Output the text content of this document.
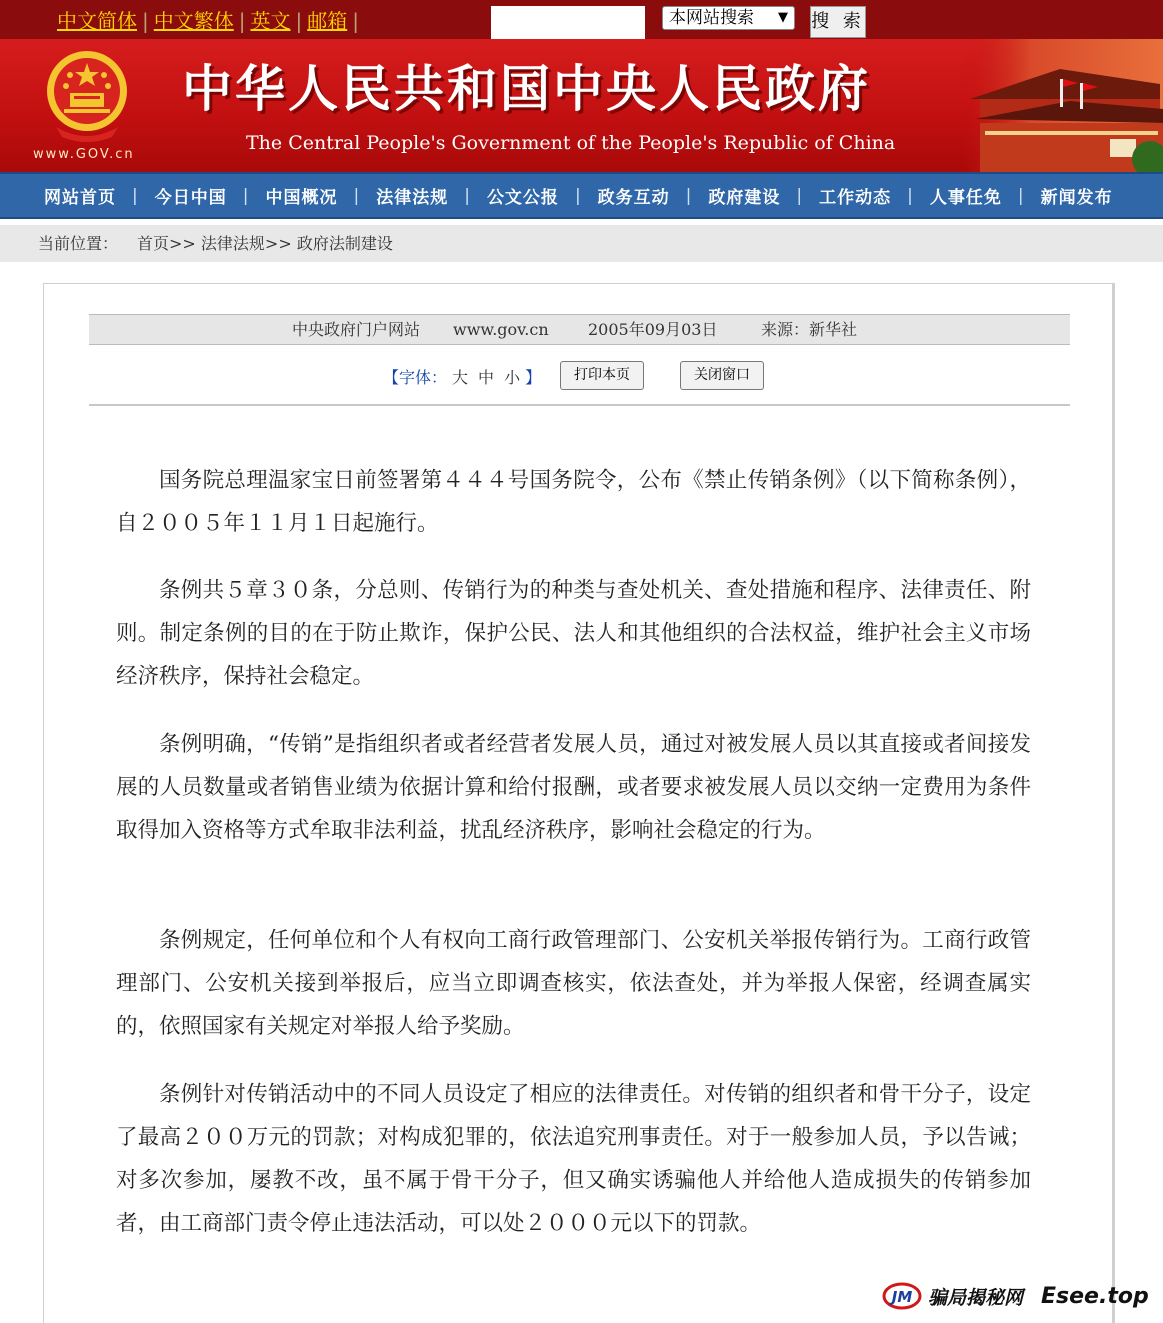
中文简体 | 中文繁体 | 英文 | 邮箱 |	本网站搜索 ▼ 搜 索
www.GOV.cn
中华人民共和国中央人民政府
The Central People's Government of the People's Republic of China
网站首页 | 今日中国 | 中国概况 | 法律法规 | 公文公报 | 政务互动 | 政府建设 | 工作动态 | 人事任免 | 新闻发布
当前位置： 首页>> 法律法规>> 政府法制建设
中央政府门户网站 www.gov.cn 2005年09月03日	来源：新华社
【字体： 大 中 小 】	打印本页	关闭窗口

国务院总理温家宝日前签署第４４４号国务院令，公布《禁止传销条例》（以下简称条例），自２００５年１１月１日起施行。

条例共５章３０条，分总则、传销行为的种类与查处机关、查处措施和程序、法律责任、附则。制定条例的目的在于防止欺诈，保护公民、法人和其他组织的合法权益，维护社会主义市场经济秩序，保持社会稳定。

条例明确，“传销”是指组织者或者经营者发展人员，通过对被发展人员以其直接或者间接发展的人员数量或者销售业绩为依据计算和给付报酬，或者要求被发展人员以交纳一定费用为条件取得加入资格等方式牟取非法利益，扰乱经济秩序，影响社会稳定的行为。

条例规定，任何单位和个人有权向工商行政管理部门、公安机关举报传销行为。工商行政管理部门、公安机关接到举报后，应当立即调查核实，依法查处，并为举报人保密，经调查属实的，依照国家有关规定对举报人给予奖励。

条例针对传销活动中的不同人员设定了相应的法律责任。对传销的组织者和骨干分子，设定了最高２００万元的罚款；对构成犯罪的，依法追究刑事责任。对于一般参加人员，予以告诫；对多次参加，屡教不改，虽不属于骨干分子，但又确实诱骗他人并给他人造成损失的传销参加者，由工商部门责令停止违法活动，可以处２０００元以下的罚款。

JM 骗局揭秘网 Esee.top
